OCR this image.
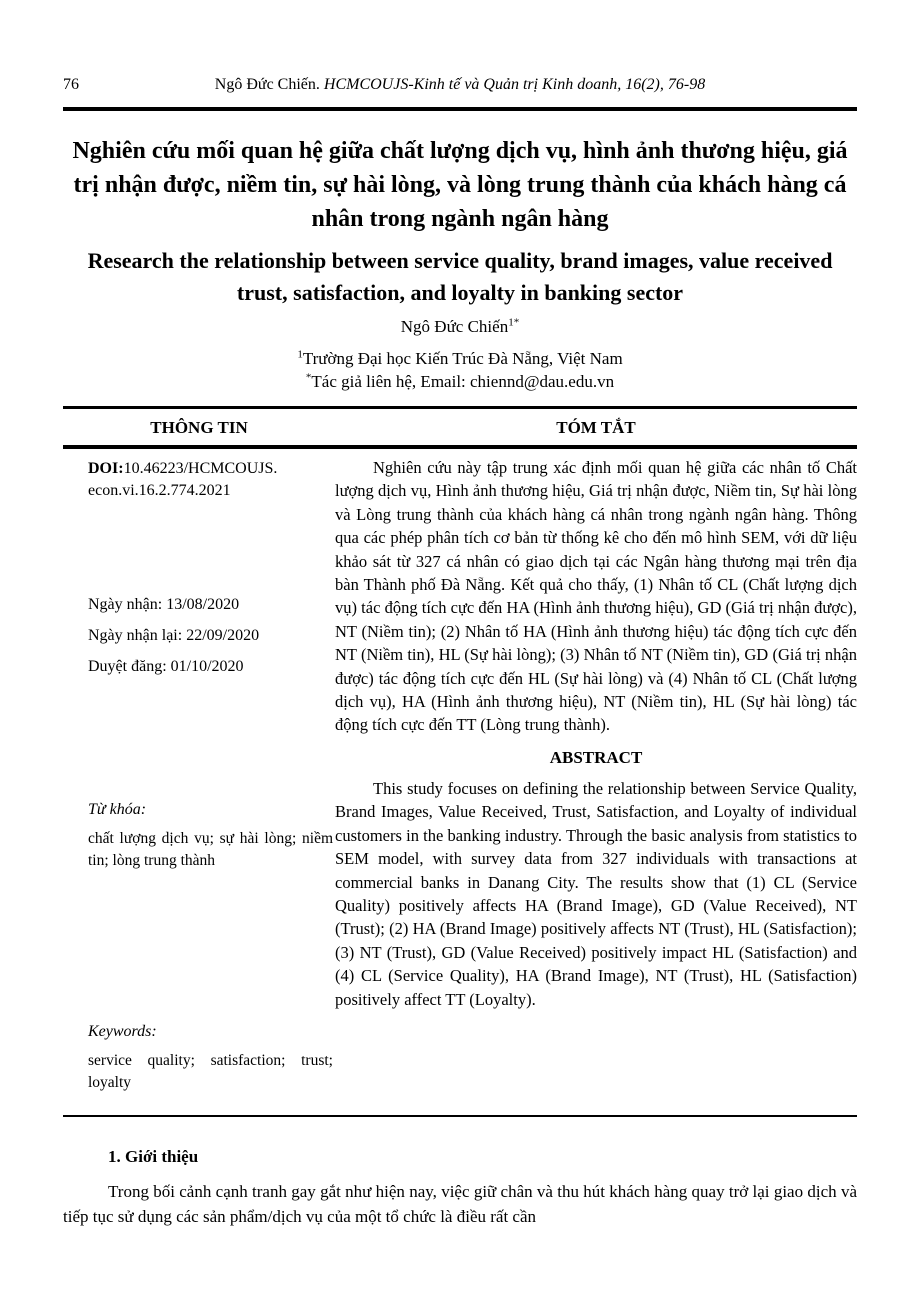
76	Ngô Đức Chiến. HCMCOUJS-Kinh tế và Quản trị Kinh doanh, 16(2), 76-98
Nghiên cứu mối quan hệ giữa chất lượng dịch vụ, hình ảnh thương hiệu, giá trị nhận được, niềm tin, sự hài lòng, và lòng trung thành của khách hàng cá nhân trong ngành ngân hàng
Research the relationship between service quality, brand images, value received trust, satisfaction, and loyalty in banking sector
Ngô Đức Chiến$^{1*}$
$^1$Trường Đại học Kiến Trúc Đà Nẵng, Việt Nam
*Tác giả liên hệ, Email: chiennd@dau.edu.vn
THÔNG TIN	TÓM TẮT
DOI:10.46223/HCMCOUJS.
econ.vi.16.2.774.2021
Ngày nhận: 13/08/2020
Ngày nhận lại: 22/09/2020
Duyệt đăng: 01/10/2020
Từ khóa:
chất lượng dịch vụ; sự hài lòng; niềm tin; lòng trung thành
Keywords:
service quality; satisfaction; trust; loyalty

Nghiên cứu này tập trung xác định mối quan hệ giữa các nhân tố Chất lượng dịch vụ, Hình ảnh thương hiệu, Giá trị nhận được, Niềm tin, Sự hài lòng và Lòng trung thành của khách hàng cá nhân trong ngành ngân hàng. Thông qua các phép phân tích cơ bản từ thống kê cho đến mô hình SEM, với dữ liệu khảo sát từ 327 cá nhân có giao dịch tại các Ngân hàng thương mại trên địa bàn Thành phố Đà Nẵng. Kết quả cho thấy, (1) Nhân tố CL (Chất lượng dịch vụ) tác động tích cực đến HA (Hình ảnh thương hiệu), GD (Giá trị nhận được), NT (Niềm tin); (2) Nhân tố HA (Hình ảnh thương hiệu) tác động tích cực đến NT (Niềm tin), HL (Sự hài lòng); (3) Nhân tố NT (Niềm tin), GD (Giá trị nhận được) tác động tích cực đến HL (Sự hài lòng) và (4) Nhân tố CL (Chất lượng dịch vụ), HA (Hình ảnh thương hiệu), NT (Niềm tin), HL (Sự hài lòng) tác động tích cực đến TT (Lòng trung thành).

ABSTRACT

This study focuses on defining the relationship between Service Quality, Brand Images, Value Received, Trust, Satisfaction, and Loyalty of individual customers in the banking industry. Through the basic analysis from statistics to SEM model, with survey data from 327 individuals with transactions at commercial banks in Danang City. The results show that (1) CL (Service Quality) positively affects HA (Brand Image), GD (Value Received), NT (Trust); (2) HA (Brand Image) positively affects NT (Trust), HL (Satisfaction); (3) NT (Trust), GD (Value Received) positively impact HL (Satisfaction) and (4) CL (Service Quality), HA (Brand Image), NT (Trust), HL (Satisfaction) positively affect TT (Loyalty).

1. Giới thiệu

Trong bối cảnh cạnh tranh gay gắt như hiện nay, việc giữ chân và thu hút khách hàng quay trở lại giao dịch và tiếp tục sử dụng các sản phẩm/dịch vụ của một tổ chức là điều rất cần
